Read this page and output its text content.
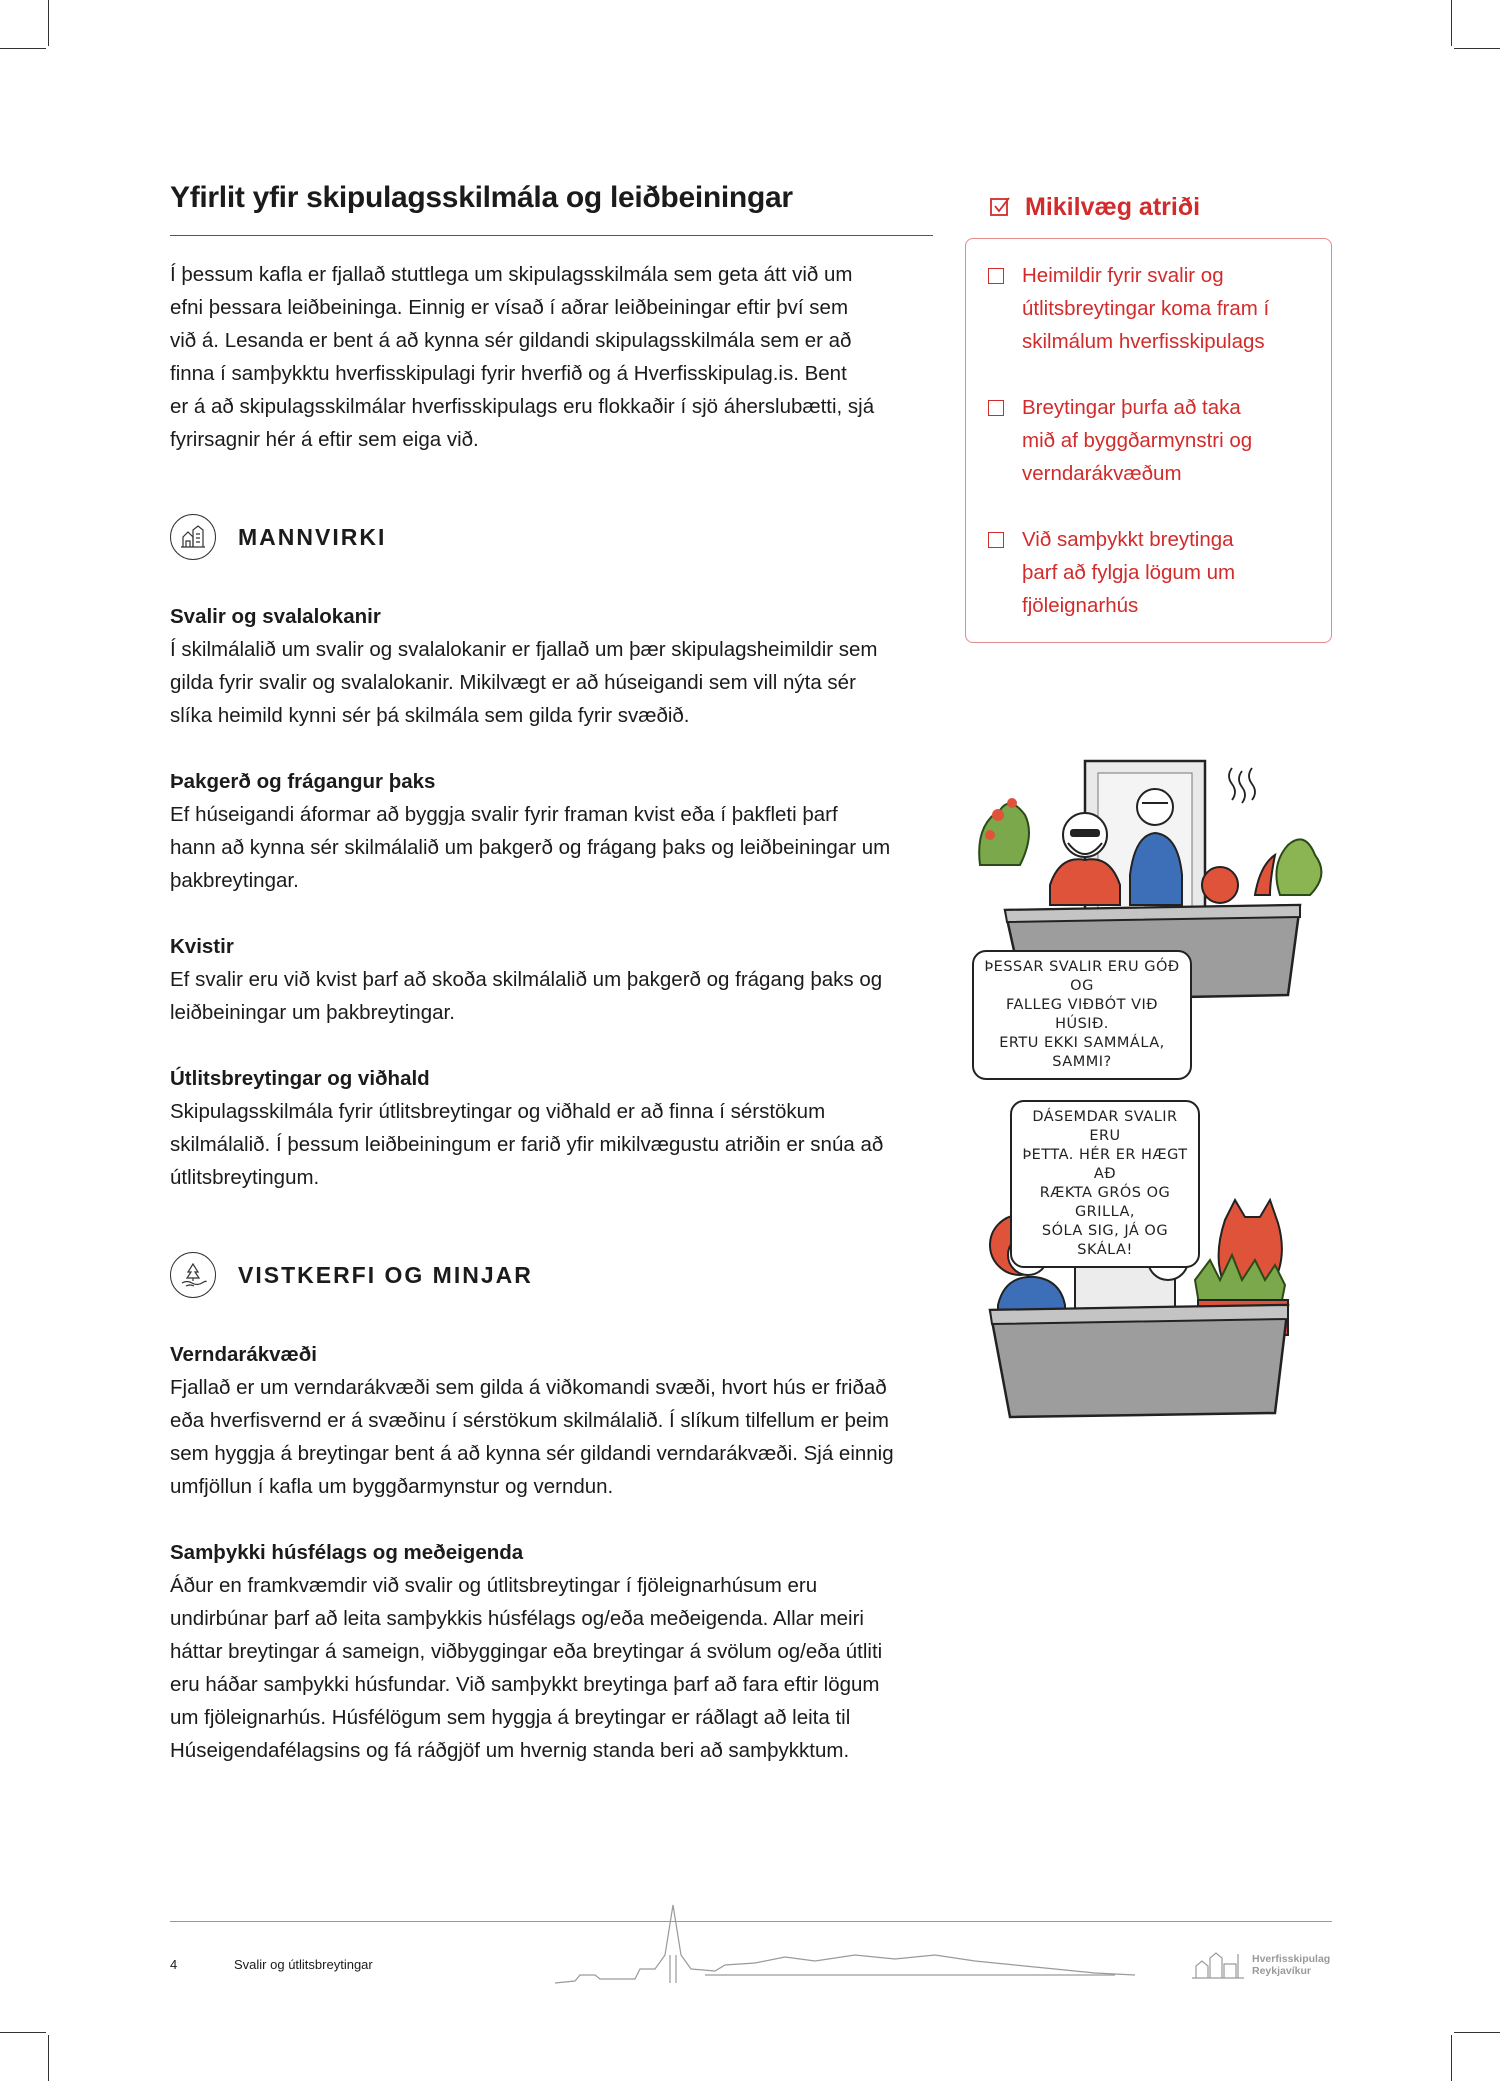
Yfirlit yfir skipulagsskilmála og leiðbeiningar

Í þessum kafla er fjallað stuttlega um skipulagsskilmála sem geta átt við um

efni þessara leiðbeininga. Einnig er vísað í aðrar leiðbeiningar eftir því sem

við á. Lesanda er bent á að kynna sér gildandi skipulagsskilmála sem er að

finna í samþykktu hverfisskipulagi fyrir hverfið og á Hverfisskipulag.is. Bent

er á að skipulagsskilmálar hverfisskipulags eru flokkaðir í sjö áherslubætti, sjá

fyrirsagnir hér á eftir sem eiga við.

MANNVIRKI

Svalir og svalalokanir

Í skilmálalið um svalir og svalalokanir er fjallað um þær skipulagsheimildir sem

gilda fyrir svalir og svalalokanir. Mikilvægt er að húseigandi sem vill nýta sér

slíka heimild kynni sér þá skilmála sem gilda fyrir svæðið.

Þakgerð og frágangur þaks

Ef húseigandi áformar að byggja svalir fyrir framan kvist eða í þakfleti þarf

hann að kynna sér skilmálalið um þakgerð og frágang þaks og leiðbeiningar um

þakbreytingar.

Kvistir

Ef svalir eru við kvist þarf að skoða skilmálalið um þakgerð og frágang þaks og

leiðbeiningar um þakbreytingar.

Útlitsbreytingar og viðhald

Skipulagsskilmála fyrir útlitsbreytingar og viðhald er að finna í sérstökum

skilmálalið. Í þessum leiðbeiningum er farið yfir mikilvægustu atriðin er snúa að

útlitsbreytingum.

VISTKERFI OG MINJAR

Verndarákvæði

Fjallað er um verndarákvæði sem gilda á viðkomandi svæði, hvort hús er friðað

eða hverfisvernd er á svæðinu í sérstökum skilmálalið. Í slíkum tilfellum er þeim

sem hyggja á breytingar bent á að kynna sér gildandi verndarákvæði. Sjá einnig

umfjöllun í kafla um byggðarmynstur og verndun.

Samþykki húsfélags og meðeigenda

Áður en framkvæmdir við svalir og útlitsbreytingar í fjöleignarhúsum eru

undirbúnar þarf að leita samþykkis húsfélags og/eða meðeigenda. Allar meiri

háttar breytingar á sameign, viðbyggingar eða breytingar á svölum og/eða útliti

eru háðar samþykki húsfundar. Við samþykkt breytinga þarf að fara eftir lögum

um fjöleignarhús. Húsfélögum sem hyggja á breytingar er ráðlagt að leita til

Húseigendafélagsins og fá ráðgjöf um hvernig standa beri að samþykktum.

Mikilvæg atriði
Heimildir fyrir svalir og
útlitsbreytingar koma fram í
skilmálum hverfisskipulags
Breytingar þurfa að taka
mið af byggðarmynstri og
verndarákvæðum
Við samþykkt breytinga
þarf að fylgja lögum um
fjöleignarhús
ÞESSAR SVALIR ERU GÓÐ OG
FALLEG VIÐBÓT VIÐ HÚSIÐ.
ERTU EKKI SAMMÁLA, SAMMI?
DÁSEMDAR SVALIR ERU
ÞETTA. HÉR ER HÆGT AÐ
RÆKTA GRÓS OG GRILLA,
SÓLA SIG, JÁ OG SKÁLA!
4	Svalir og útlitsbreytingar	Hverfisskipulag
Reykjavíkur
